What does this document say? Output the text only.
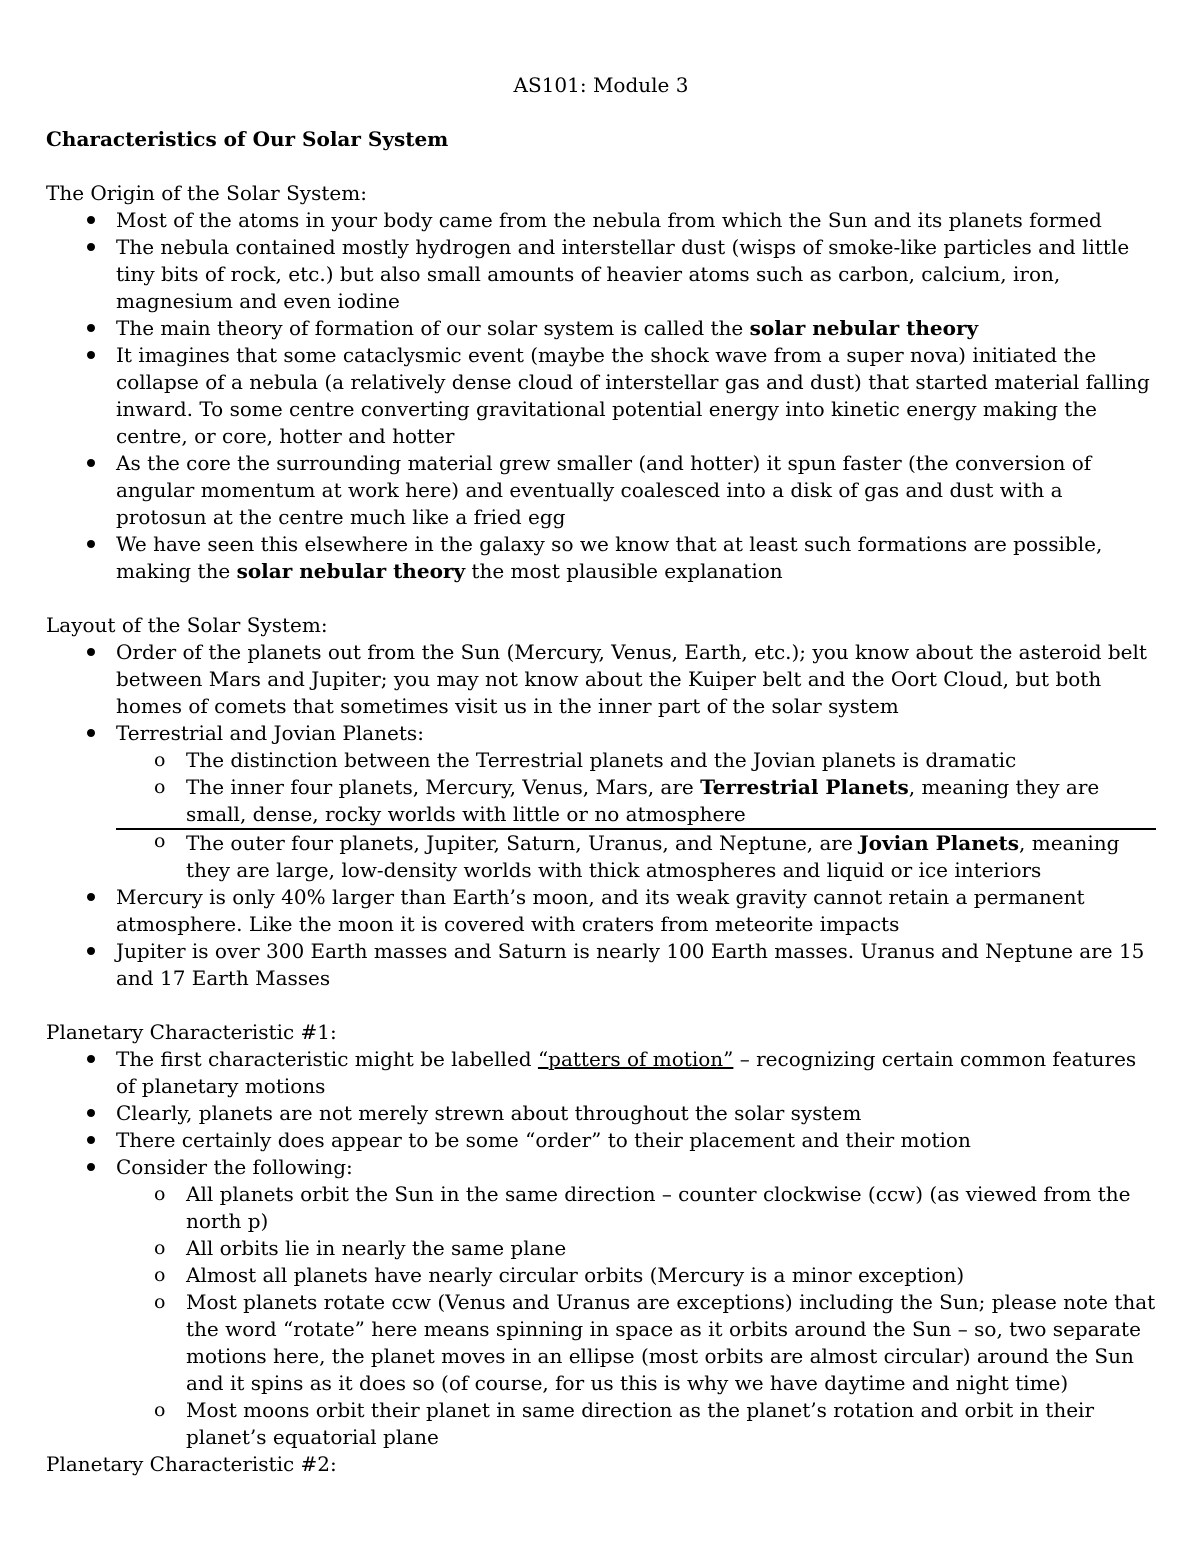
AS101: Module 3
Characteristics of Our Solar System
The Origin of the Solar System:
Most of the atoms in your body came from the nebula from which the Sun and its planets formed
The nebula contained mostly hydrogen and interstellar dust (wisps of smoke-like particles and little tiny bits of rock, etc.) but also small amounts of heavier atoms such as carbon, calcium, iron, magnesium and even iodine
The main theory of formation of our solar system is called the solar nebular theory
It imagines that some cataclysmic event (maybe the shock wave from a super nova) initiated the collapse of a nebula (a relatively dense cloud of interstellar gas and dust) that started material falling inward. To some centre converting gravitational potential energy into kinetic energy making the centre, or core, hotter and hotter
As the core the surrounding material grew smaller (and hotter) it spun faster (the conversion of angular momentum at work here) and eventually coalesced into a disk of gas and dust with a protosun at the centre much like a fried egg
We have seen this elsewhere in the galaxy so we know that at least such formations are possible, making the solar nebular theory the most plausible explanation
Layout of the Solar System:
Order of the planets out from the Sun (Mercury, Venus, Earth, etc.); you know about the asteroid belt between Mars and Jupiter; you may not know about the Kuiper belt and the Oort Cloud, but both homes of comets that sometimes visit us in the inner part of the solar system
Terrestrial and Jovian Planets:
o The distinction between the Terrestrial planets and the Jovian planets is dramatic
o The inner four planets, Mercury, Venus, Mars, are Terrestrial Planets, meaning they are small, dense, rocky worlds with little or no atmosphere
o The outer four planets, Jupiter, Saturn, Uranus, and Neptune, are Jovian Planets, meaning they are large, low-density worlds with thick atmospheres and liquid or ice interiors
Mercury is only 40% larger than Earth’s moon, and its weak gravity cannot retain a permanent atmosphere. Like the moon it is covered with craters from meteorite impacts
Jupiter is over 300 Earth masses and Saturn is nearly 100 Earth masses. Uranus and Neptune are 15 and 17 Earth Masses
Planetary Characteristic #1:
The first characteristic might be labelled “patters of motion” – recognizing certain common features of planetary motions
Clearly, planets are not merely strewn about throughout the solar system
There certainly does appear to be some “order” to their placement and their motion
Consider the following:
o All planets orbit the Sun in the same direction – counter clockwise (ccw) (as viewed from the north p)
o All orbits lie in nearly the same plane
o Almost all planets have nearly circular orbits (Mercury is a minor exception)
o Most planets rotate ccw (Venus and Uranus are exceptions) including the Sun; please note that the word “rotate” here means spinning in space as it orbits around the Sun – so, two separate motions here, the planet moves in an ellipse (most orbits are almost circular) around the Sun and it spins as it does so (of course, for us this is why we have daytime and night time)
o Most moons orbit their planet in same direction as the planet’s rotation and orbit in their planet’s equatorial plane
Planetary Characteristic #2:
